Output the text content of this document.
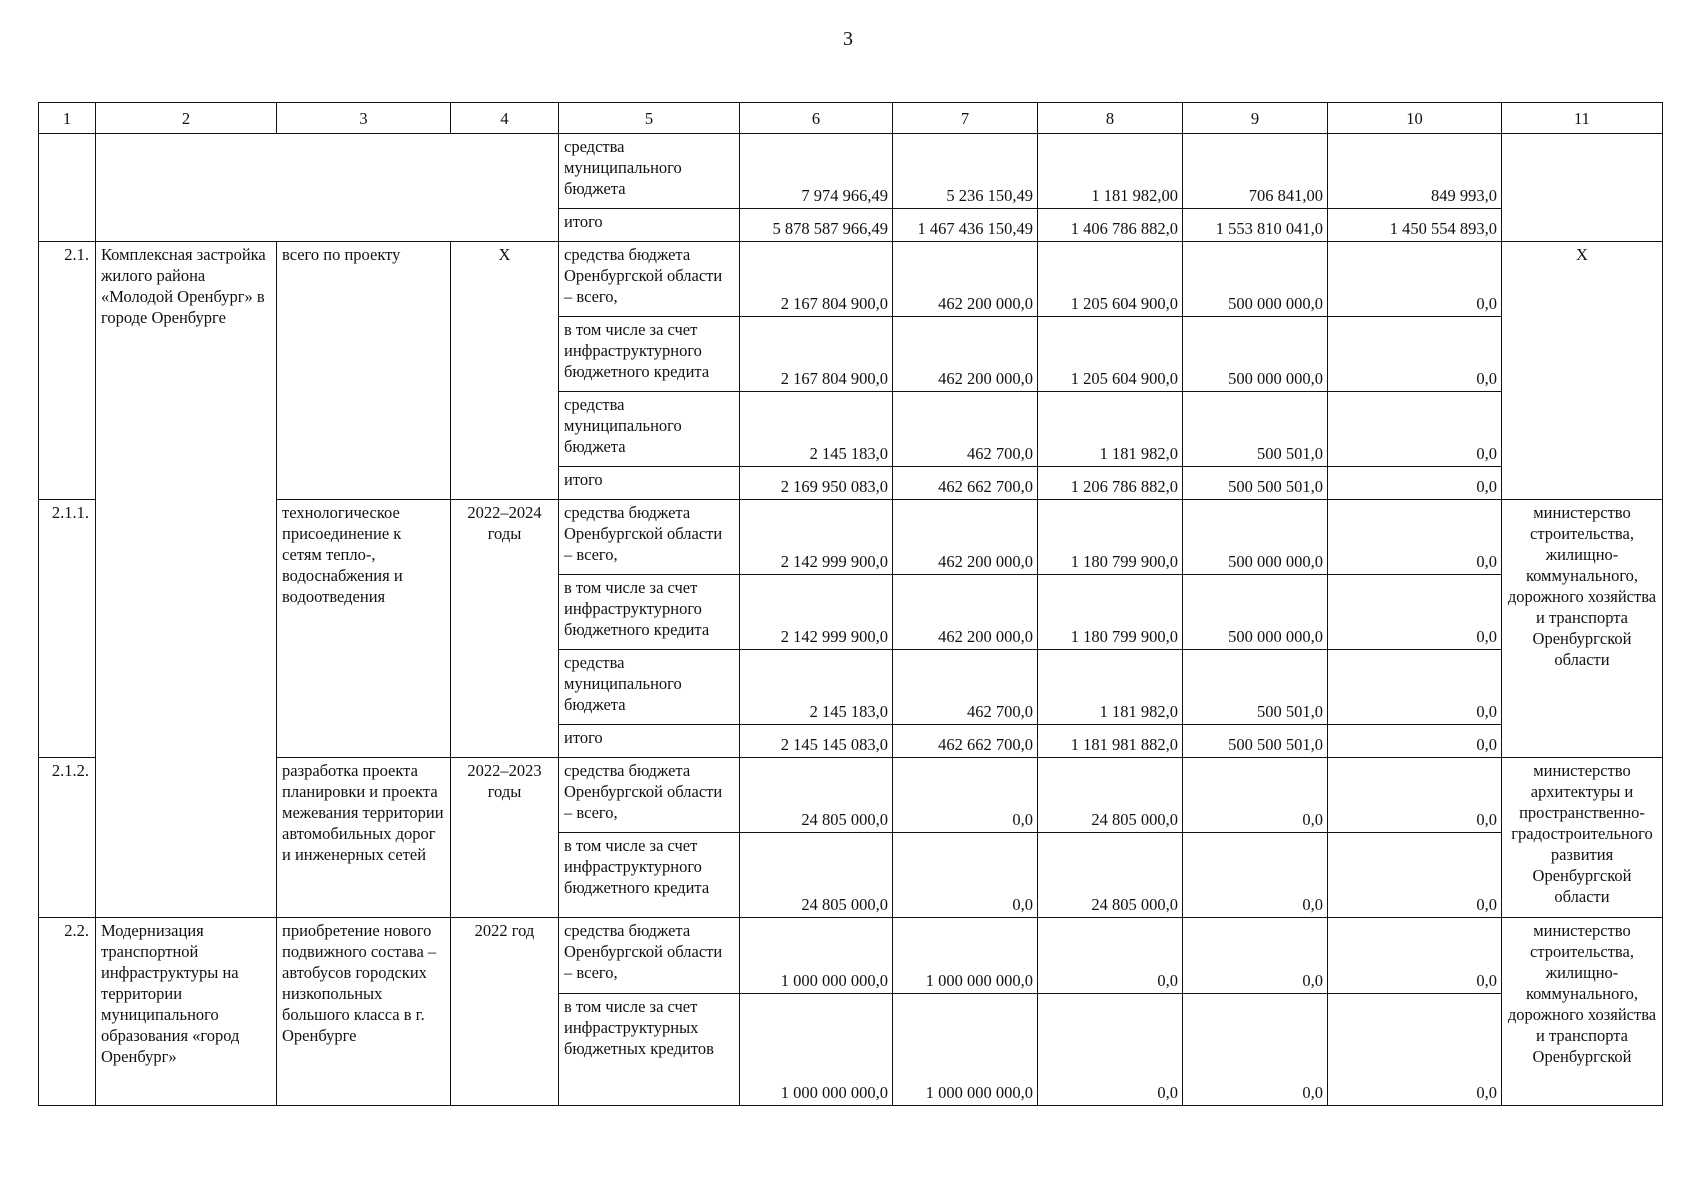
3
1	2	3	4	5	6	7	8	9	10	11
				средства муниципального бюджета	7 974 966,49	5 236 150,49	1 181 982,00	706 841,00	849 993,0	
				итого	5 878 587 966,49	1 467 436 150,49	1 406 786 882,0	1 553 810 041,0	1 450 554 893,0	
2.1.	Комплексная застройка жилого района «Молодой Оренбург» в городе Оренбурге	всего по проекту	Х	средства бюджета Оренбургской области – всего,	2 167 804 900,0	462 200 000,0	1 205 604 900,0	500 000 000,0	0,0	Х
				в том числе за счет инфраструктурного бюджетного кредита	2 167 804 900,0	462 200 000,0	1 205 604 900,0	500 000 000,0	0,0	
				средства муниципального бюджета	2 145 183,0	462 700,0	1 181 982,0	500 501,0	0,0	
				итого	2 169 950 083,0	462 662 700,0	1 206 786 882,0	500 500 501,0	0,0	
2.1.1.		технологическое присоединение к сетям тепло-, водоснабжения и водоотведения	2022–2024 годы	средства бюджета Оренбургской области – всего,	2 142 999 900,0	462 200 000,0	1 180 799 900,0	500 000 000,0	0,0	министерство строительства, жилищно-коммунального, дорожного хозяйства и транспорта Оренбургской области
				в том числе за счет инфраструктурного бюджетного кредита	2 142 999 900,0	462 200 000,0	1 180 799 900,0	500 000 000,0	0,0	
				средства муниципального бюджета	2 145 183,0	462 700,0	1 181 982,0	500 501,0	0,0	
				итого	2 145 145 083,0	462 662 700,0	1 181 981 882,0	500 500 501,0	0,0	
2.1.2.		разработка проекта планировки и проекта межевания территории автомобильных дорог и инженерных сетей	2022–2023 годы	средства бюджета Оренбургской области – всего,	24 805 000,0	0,0	24 805 000,0	0,0	0,0	министерство архитектуры и пространственно-градостроительного развития Оренбургской области
				в том числе за счет инфраструктурного бюджетного кредита	24 805 000,0	0,0	24 805 000,0	0,0	0,0	
2.2.	Модернизация транспортной инфраструктуры на территории муниципального образования «город Оренбург»	приобретение нового подвижного состава – автобусов городских низкопольных большого класса в г. Оренбурге	2022 год	средства бюджета Оренбургской области – всего,	1 000 000 000,0	1 000 000 000,0	0,0	0,0	0,0	министерство строительства, жилищно-коммунального, дорожного хозяйства и транспорта Оренбургской
				в том числе за счет инфраструктурных бюджетных кредитов	1 000 000 000,0	1 000 000 000,0	0,0	0,0	0,0	
